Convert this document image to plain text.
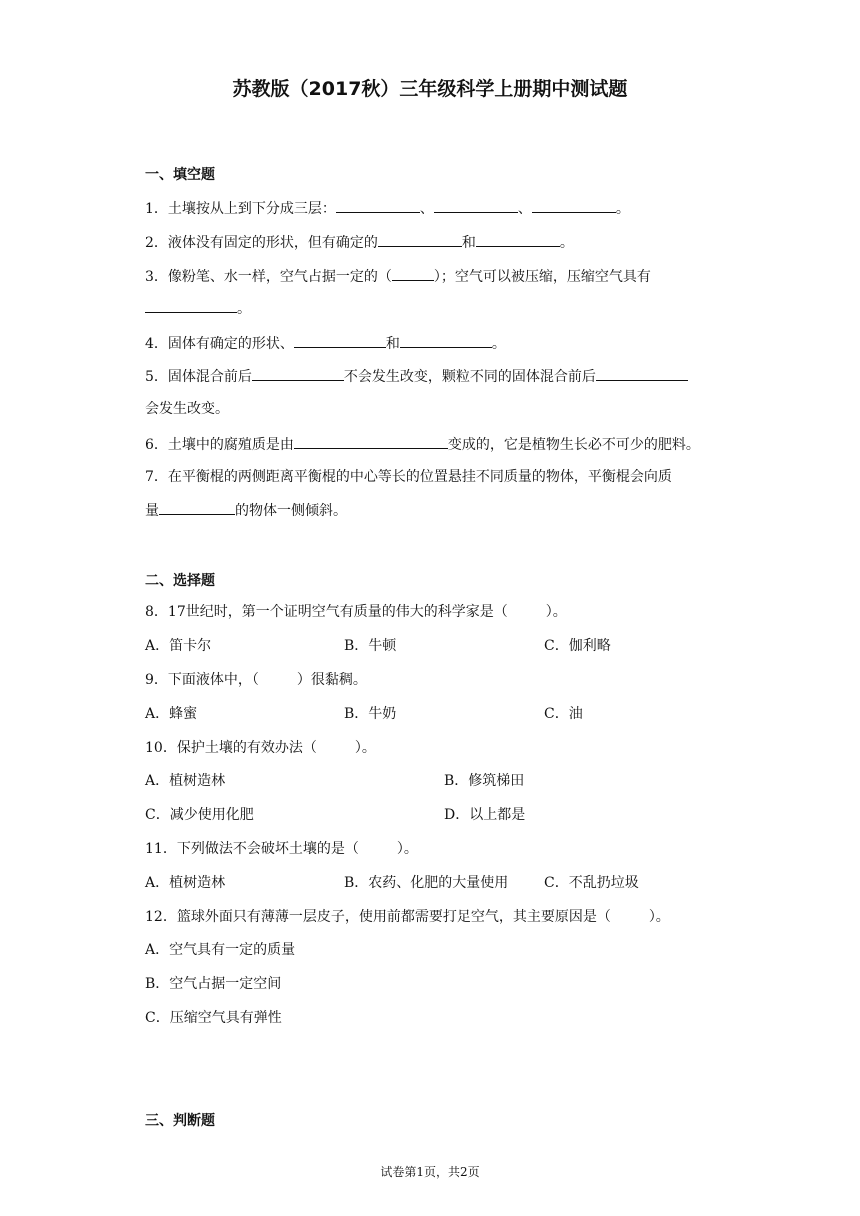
苏教版（2017秋）三年级科学上册期中测试题
一、填空题
1．土壤按从上到下分成三层：	、	、	。
2．液体没有固定的形状，但有确定的	和	。
3．像粉笔、水一样，空气占据一定的（	）；空气可以被压缩，压缩空气具有
。
4．固体有确定的形状、	和	。
5．固体混合前后	不会发生改变，颗粒不同的固体混合前后
会发生改变。
6．土壤中的腐殖质是由	变成的，它是植物生长必不可少的肥料。
7．在平衡棍的两侧距离平衡棍的中心等长的位置悬挂不同质量的物体，平衡棍会向质
量	的物体一侧倾斜。
二、选择题
8．17世纪时，第一个证明空气有质量的伟大的科学家是（	）。
A．笛卡尔	B．牛顿	C．伽利略
9．下面液体中，（	）很黏稠。
A．蜂蜜	B．牛奶	C．油
10．保护土壤的有效办法（	）。
A．植树造林	B．修筑梯田
C．减少使用化肥	D．以上都是
11．下列做法不会破坏土壤的是（	）。
A．植树造林	B．农药、化肥的大量使用	C．不乱扔垃圾
12．篮球外面只有薄薄一层皮子，使用前都需要打足空气，其主要原因是（	）。
A．空气具有一定的质量
B．空气占据一定空间
C．压缩空气具有弹性
三、判断题
试卷第1页，共2页
